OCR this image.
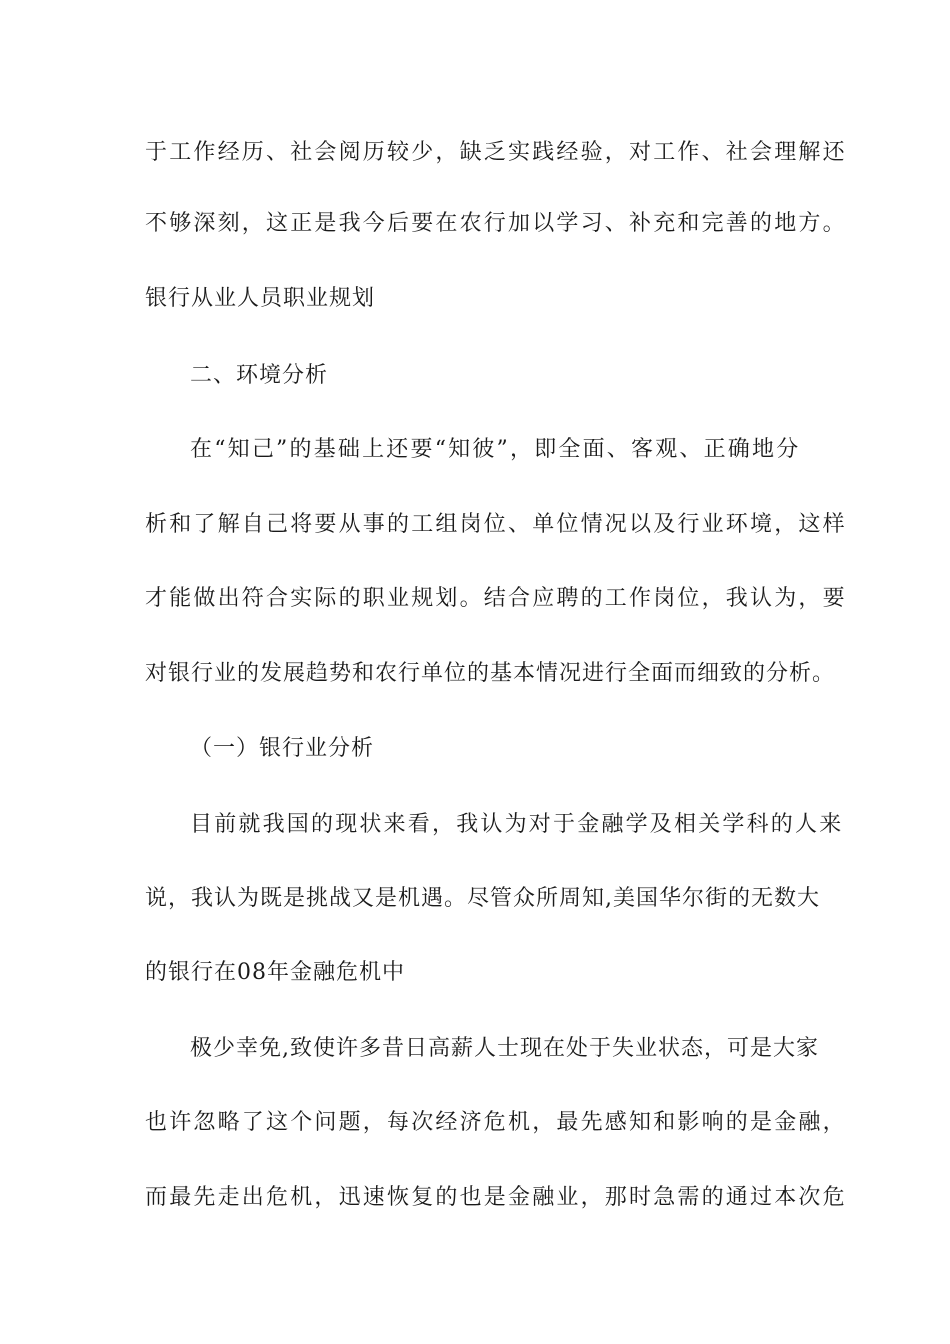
于工作经历、社会阅历较少，缺乏实践经验，对工作、社会理解还
不够深刻，这正是我今后要在农行加以学习、补充和完善的地方。
银行从业人员职业规划
二、环境分析
在“知己”的基础上还要“知彼”，即全面、客观、正确地分
析和了解自己将要从事的工组岗位、单位情况以及行业环境，这样
才能做出符合实际的职业规划。结合应聘的工作岗位，我认为，要
对银行业的发展趋势和农行单位的基本情况进行全面而细致的分析。
（一）银行业分析
目前就我国的现状来看，我认为对于金融学及相关学科的人来
说，我认为既是挑战又是机遇。尽管众所周知,美国华尔街的无数大
的银行在08年金融危机中
极少幸免,致使许多昔日高薪人士现在处于失业状态，可是大家
也许忽略了这个问题，每次经济危机，最先感知和影响的是金融，
而最先走出危机，迅速恢复的也是金融业，那时急需的通过本次危
